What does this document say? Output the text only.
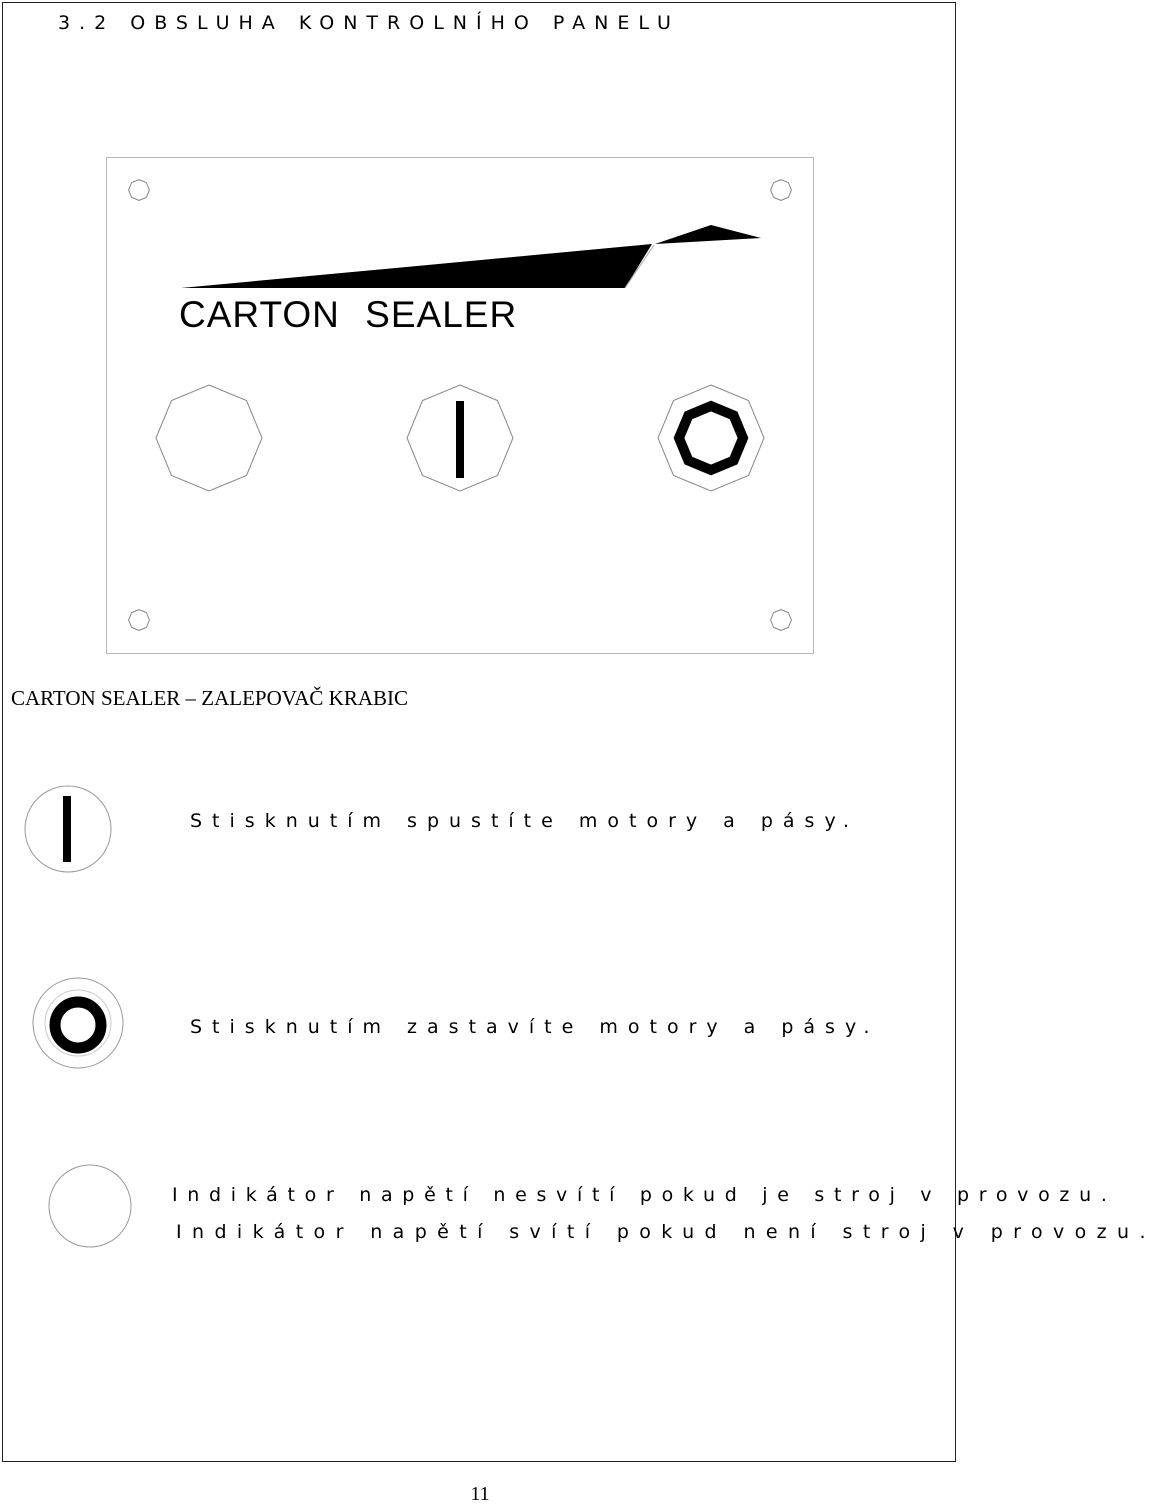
3.2 OBSLUHA KONTROLNÍHO PANELU
CARTON SEALER
CARTON SEALER – ZALEPOVAČ KRABIC
Stisknutím spustíte motory a pásy.
Stisknutím zastavíte motory a pásy.
Indikátor napětí nesvítí pokud je stroj v provozu.
Indikátor napětí svítí pokud není stroj v provozu.
11
